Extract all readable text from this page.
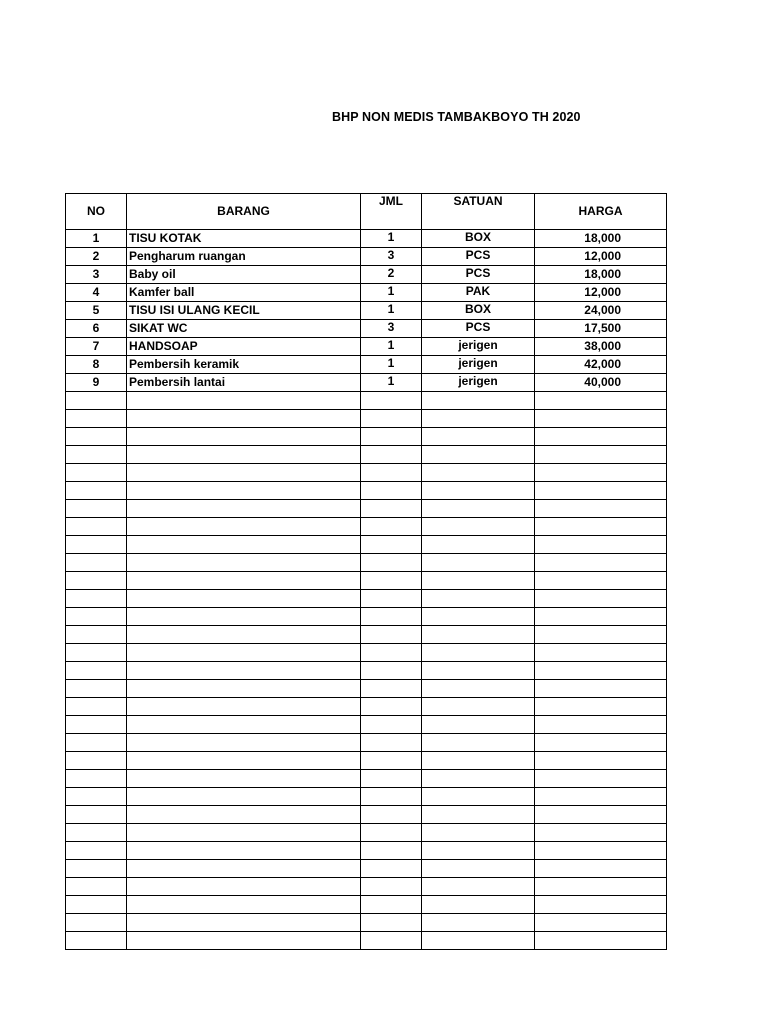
BHP NON MEDIS TAMBAKBOYO TH 2020
NO	BARANG	JML	SATUAN	HARGA
1	TISU KOTAK	1	BOX	18,000
2	Pengharum ruangan	3	PCS	12,000
3	Baby oil	2	PCS	18,000
4	Kamfer ball	1	PAK	12,000
5	TISU ISI ULANG KECIL	1	BOX	24,000
6	SIKAT WC	3	PCS	17,500
7	HANDSOAP	1	jerigen	38,000
8	Pembersih keramik	1	jerigen	42,000
9	Pembersih lantai	1	jerigen	40,000
